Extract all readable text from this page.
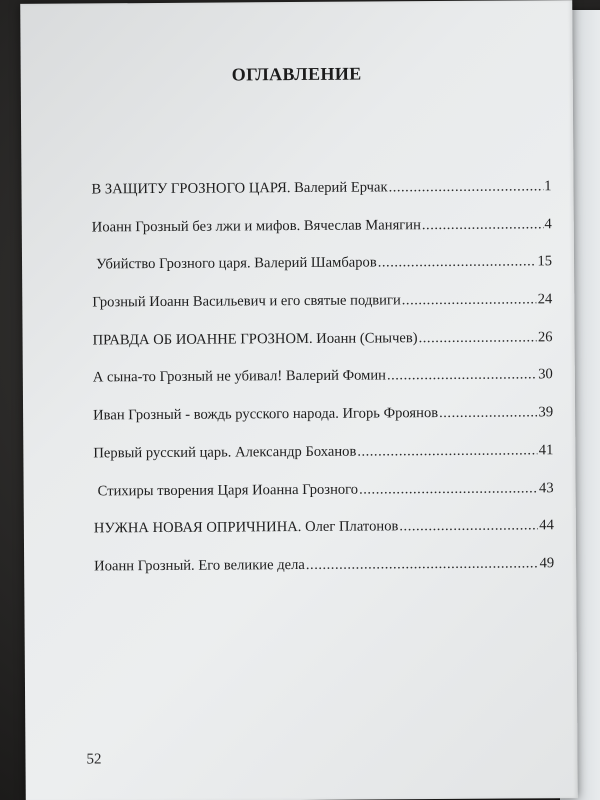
ОГЛАВЛЕНИЕ
В ЗАЩИТУ ГРОЗНОГО ЦАРЯ. Валерий Ерчак .....	1
Иоанн Грозный без лжи и мифов. Вячеслав Манягин .....	4
Убийство Грозного царя. Валерий Шамбаров .....	15
Грозный Иоанн Васильевич и его святые подвиги .....	24
ПРАВДА ОБ ИОАННЕ ГРОЗНОМ. Иоанн (Снычев) .....	26
А сына-то Грозный не убивал! Валерий Фомин .....	30
Иван Грозный - вождь русского народа. Игорь Фроянов .....	39
Первый русский царь. Александр Боханов .....	41
Стихиры творения Царя Иоанна Грозного .....	43
НУЖНА НОВАЯ ОПРИЧНИНА. Олег Платонов .....	44
Иоанн Грозный. Его великие дела .....	49
52
